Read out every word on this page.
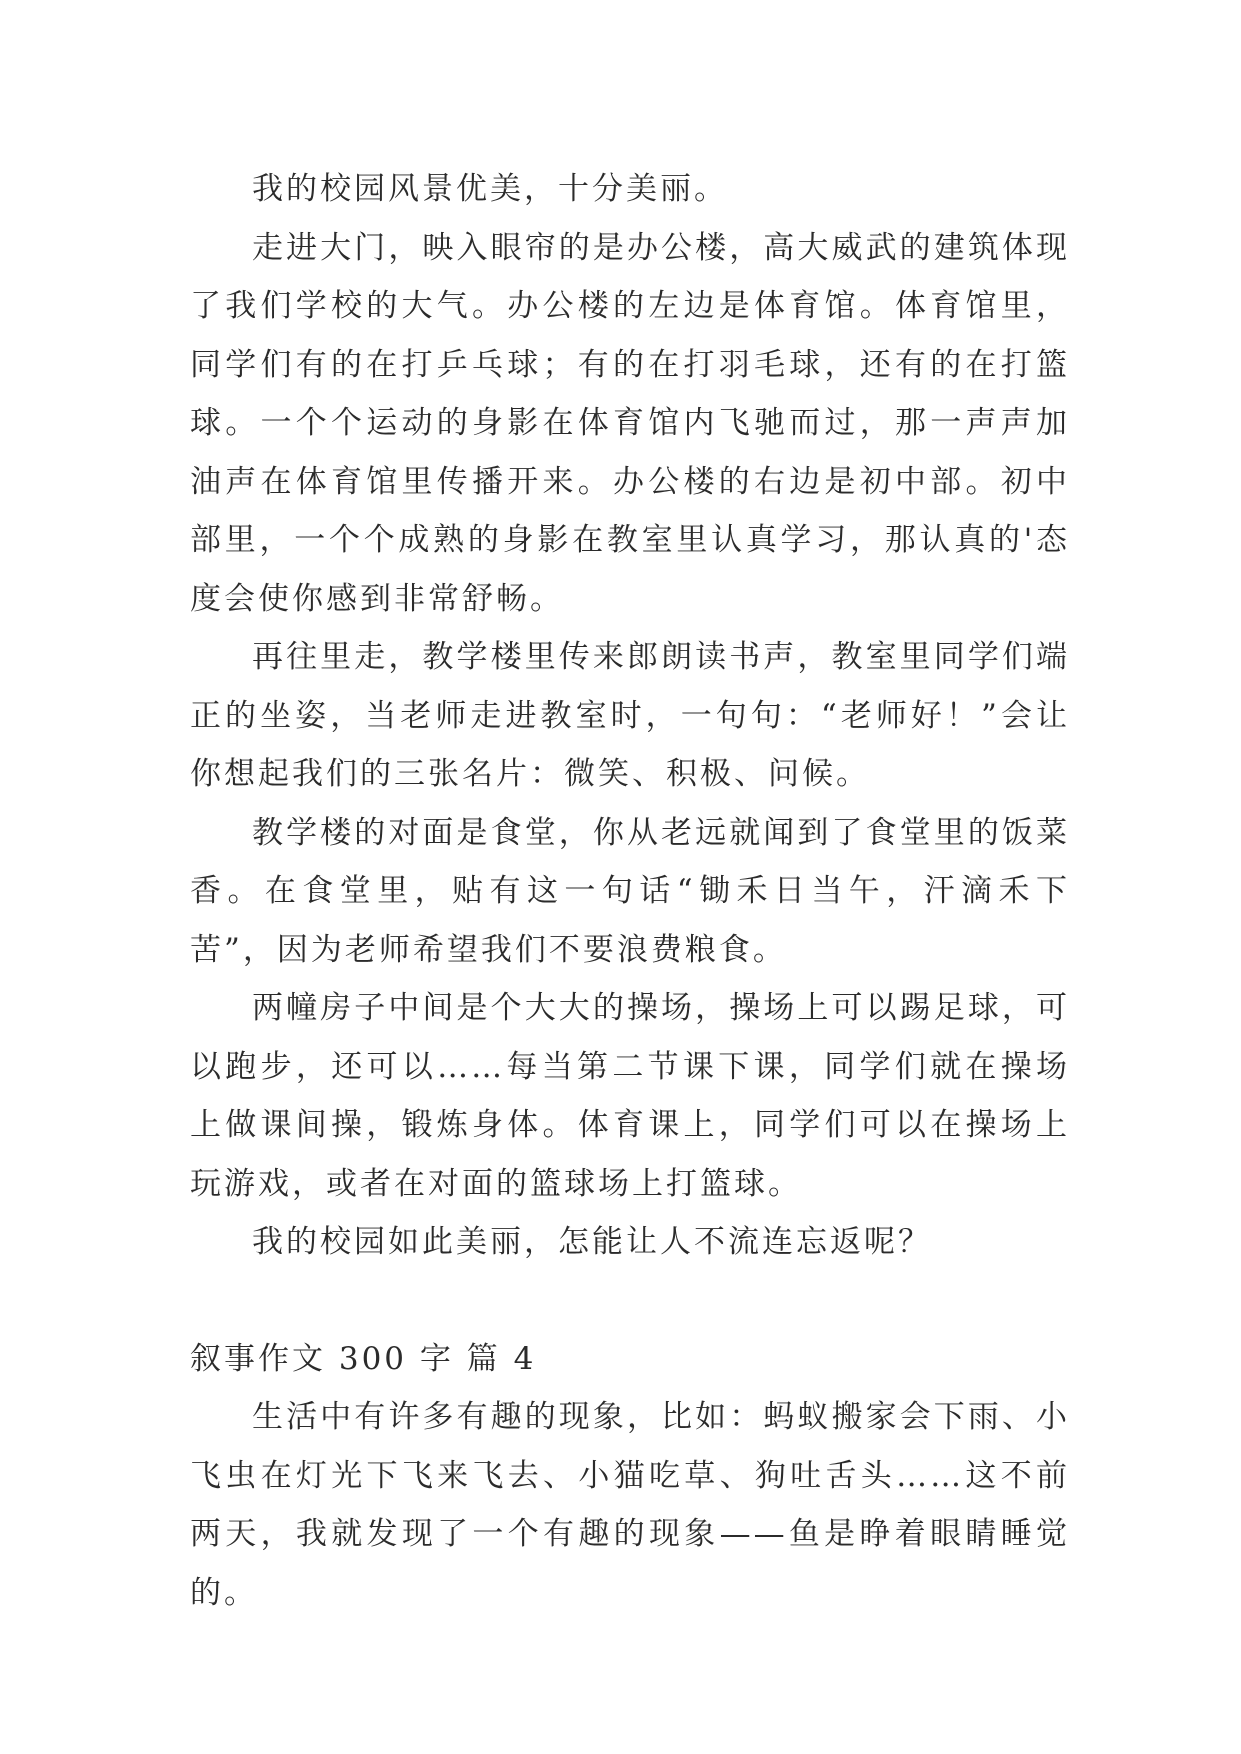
我的校园风景优美，十分美丽。

走进大门，映入眼帘的是办公楼，高大威武的建筑体现了我们学校的大气。办公楼的左边是体育馆。体育馆里，同学们有的在打乒乓球；有的在打羽毛球，还有的在打篮球。一个个运动的身影在体育馆内飞驰而过，那一声声加油声在体育馆里传播开来。办公楼的右边是初中部。初中部里，一个个成熟的身影在教室里认真学习，那认真的'态度会使你感到非常舒畅。

再往里走，教学楼里传来郎朗读书声，教室里同学们端正的坐姿，当老师走进教室时，一句句：“老师好！”会让你想起我们的三张名片：微笑、积极、问候。

教学楼的对面是食堂，你从老远就闻到了食堂里的饭菜香。在食堂里，贴有这一句话“锄禾日当午，汗滴禾下苦”，因为老师希望我们不要浪费粮食。

两幢房子中间是个大大的操场，操场上可以踢足球，可以跑步，还可以……每当第二节课下课，同学们就在操场上做课间操，锻炼身体。体育课上，同学们可以在操场上玩游戏，或者在对面的篮球场上打篮球。

我的校园如此美丽，怎能让人不流连忘返呢？

叙事作文 300 字 篇 4

生活中有许多有趣的现象，比如：蚂蚁搬家会下雨、小飞虫在灯光下飞来飞去、小猫吃草、狗吐舌头……这不前两天，我就发现了一个有趣的现象——鱼是睁着眼睛睡觉的。
